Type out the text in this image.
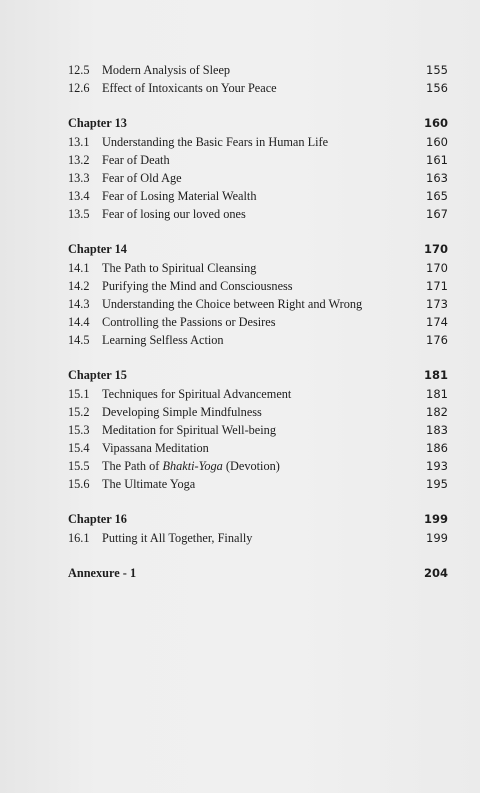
12.5	Modern Analysis of Sleep	155
12.6	Effect of Intoxicants on Your Peace	156
Chapter 13	160
13.1	Understanding the Basic Fears in Human Life	160
13.2	Fear of Death	161
13.3	Fear of Old Age	163
13.4	Fear of Losing Material Wealth	165
13.5	Fear of losing our loved ones	167
Chapter 14	170
14.1	The Path to Spiritual Cleansing	170
14.2	Purifying the Mind and Consciousness	171
14.3	Understanding the Choice between Right and Wrong	173
14.4	Controlling the Passions or Desires	174
14.5	Learning Selfless Action	176
Chapter 15	181
15.1	Techniques for Spiritual Advancement	181
15.2	Developing Simple Mindfulness	182
15.3	Meditation for Spiritual Well-being	183
15.4	Vipassana Meditation	186
15.5	The Path of Bhakti-Yoga (Devotion)	193
15.6	The Ultimate Yoga	195
Chapter 16	199
16.1	Putting it All Together, Finally	199
Annexure - 1	204
